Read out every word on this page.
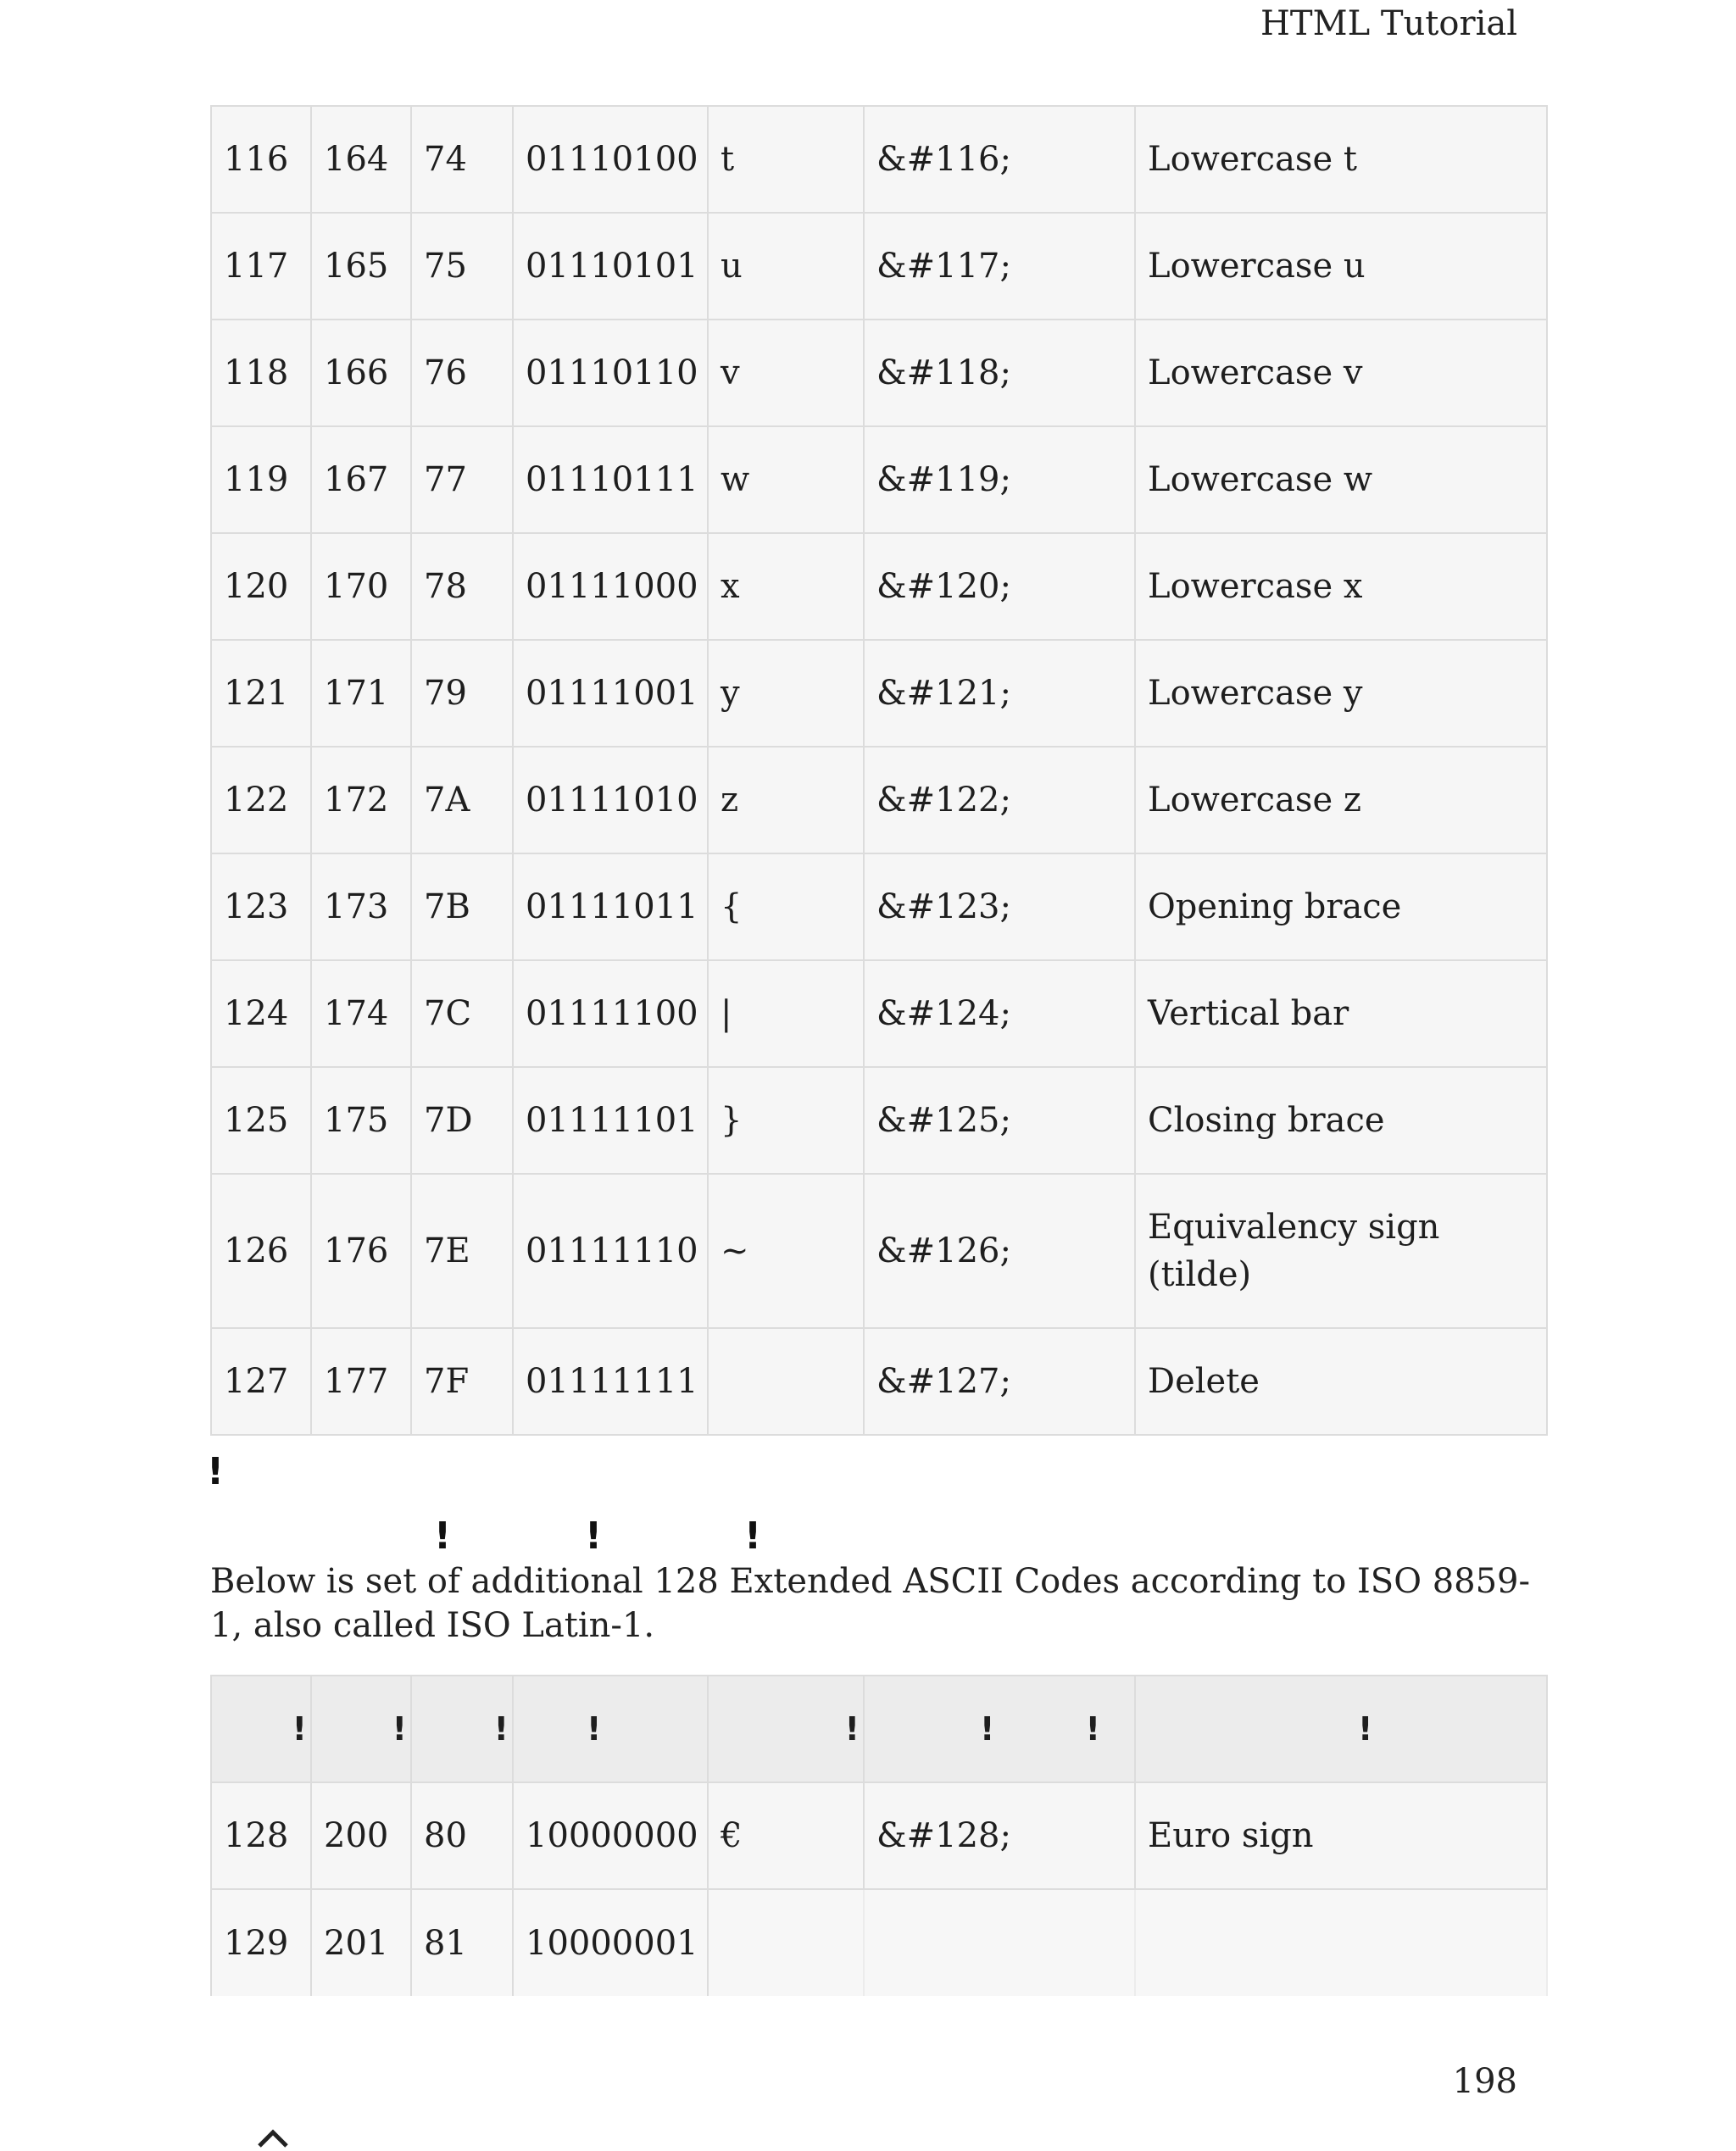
HTML Tutorial
116	164	74	01110100	t	&#116;	Lowercase t
117	165	75	01110101	u	&#117;	Lowercase u
118	166	76	01110110	v	&#118;	Lowercase v
119	167	77	01110111	w	&#119;	Lowercase w
120	170	78	01111000	x	&#120;	Lowercase x
121	171	79	01111001	y	&#121;	Lowercase y
122	172	7A	01111010	z	&#122;	Lowercase z
123	173	7B	01111011	{	&#123;	Opening brace
124	174	7C	01111100	|	&#124;	Vertical bar
125	175	7D	01111101	}	&#125;	Closing brace
126	176	7E	01111110	~	&#126;	Equivalency sign (tilde)
127	177	7F	01111111		&#127;	Delete
!
!	!	!
Below is set of additional 128 Extended ASCII Codes according to ISO 8859-1, also called ISO Latin-1.
!	!	!	!	!	! !	!
128	200	80	10000000	€	&#128;	Euro sign
129	201	81	10000001			
198
